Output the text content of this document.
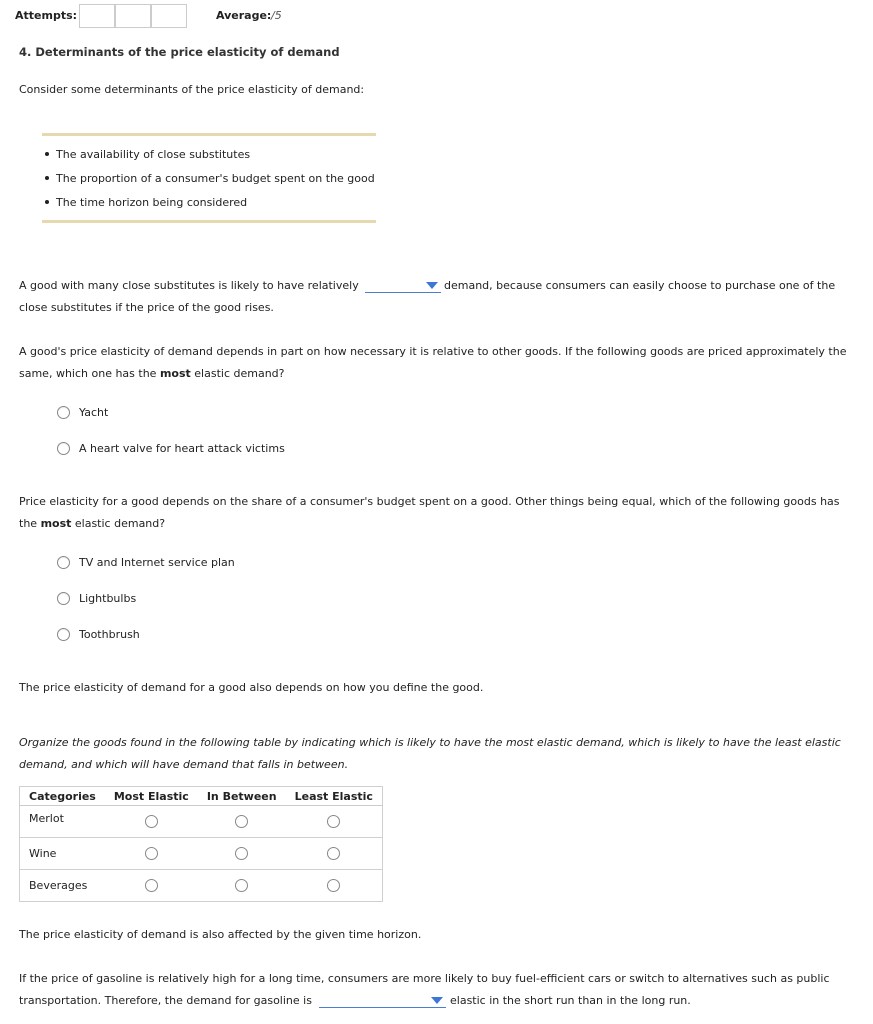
Attempts:	Average: /5
4. Determinants of the price elasticity of demand
Consider some determinants of the price elasticity of demand:
The availability of close substitutes
The proportion of a consumer's budget spent on the good
The time horizon being considered
A good with many close substitutes is likely to have relatively	demand, because consumers can easily choose to purchase one of the
close substitutes if the price of the good rises.
A good's price elasticity of demand depends in part on how necessary it is relative to other goods. If the following goods are priced approximately the
same, which one has the most elastic demand?
Yacht
A heart valve for heart attack victims
Price elasticity for a good depends on the share of a consumer's budget spent on a good. Other things being equal, which of the following goods has
the most elastic demand?
TV and Internet service plan
Lightbulbs
Toothbrush
The price elasticity of demand for a good also depends on how you define the good.
Organize the goods found in the following table by indicating which is likely to have the most elastic demand, which is likely to have the least elastic
demand, and which will have demand that falls in between.
Categories	Most Elastic	In Between	Least Elastic
Merlot	

Wine	

Beverages	

The price elasticity of demand is also affected by the given time horizon.
If the price of gasoline is relatively high for a long time, consumers are more likely to buy fuel-efficient cars or switch to alternatives such as public
transportation. Therefore, the demand for gasoline is	elastic in the short run than in the long run.
